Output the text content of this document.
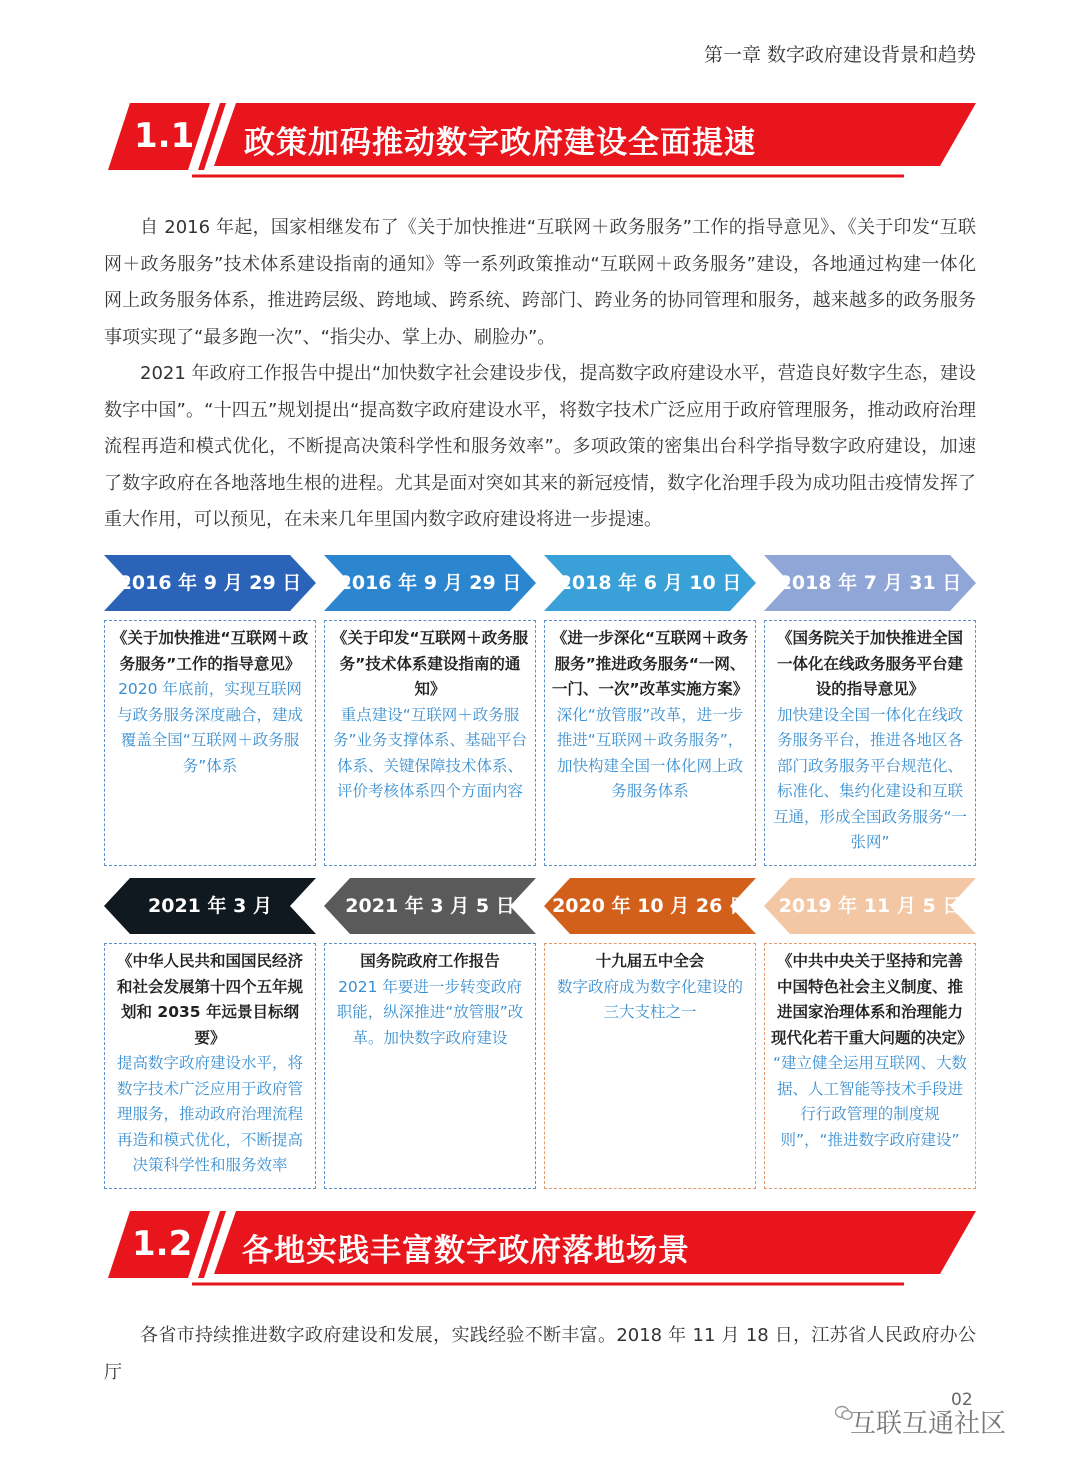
第一章 数字政府建设背景和趋势
1.1 政策加码推动数字政府建设全面提速

自 2016 年起，国家相继发布了《关于加快推进“互联网＋政务服务”工作的指导意见》、《关于印发“互联网＋政务服务”技术体系建设指南的通知》等一系列政策推动“互联网＋政务服务”建设，各地通过构建一体化网上政务服务体系，推进跨层级、跨地域、跨系统、跨部门、跨业务的协同管理和服务，越来越多的政务服务事项实现了“最多跑一次”、“指尖办、掌上办、刷脸办”。

2021 年政府工作报告中提出“加快数字社会建设步伐，提高数字政府建设水平，营造良好数字生态，建设数字中国”。“十四五”规划提出“提高数字政府建设水平，将数字技术广泛应用于政府管理服务，推动政府治理流程再造和模式优化，不断提高决策科学性和服务效率”。多项政策的密集出台科学指导数字政府建设，加速了数字政府在各地落地生根的进程。尤其是面对突如其来的新冠疫情，数字化治理手段为成功阻击疫情发挥了重大作用，可以预见，在未来几年里国内数字政府建设将进一步提速。

2016 年 9 月 29 日
《关于加快推进“互联网＋政务服务”工作的指导意见》
2020 年底前，实现互联网与政务服务深度融合，建成覆盖全国“互联网＋政务服务”体系
2016 年 9 月 29 日
《关于印发“互联网＋政务服务”技术体系建设指南的通知》
重点建设“互联网＋政务服务”业务支撑体系、基础平台体系、关键保障技术体系、评价考核体系四个方面内容
2018 年 6 月 10 日
《进一步深化“互联网＋政务服务”推进政务服务“一网、一门、一次”改革实施方案》
深化“放管服”改革，进一步推进“互联网＋政务服务”，加快构建全国一体化网上政务服务体系
2018 年 7 月 31 日
《国务院关于加快推进全国一体化在线政务服务平台建设的指导意见》
加快建设全国一体化在线政务服务平台，推进各地区各部门政务服务平台规范化、标准化、集约化建设和互联互通，形成全国政务服务“一张网”
2021 年 3 月
《中华人民共和国国民经济和社会发展第十四个五年规划和 2035 年远景目标纲要》
提高数字政府建设水平，将数字技术广泛应用于政府管理服务，推动政府治理流程再造和模式优化，不断提高决策科学性和服务效率
2021 年 3 月 5 日
国务院政府工作报告
2021 年要进一步转变政府职能，纵深推进“放管服”改革。加快数字政府建设
2020 年 10 月 26 日
十九届五中全会
数字政府成为数字化建设的三大支柱之一
2019 年 11 月 5 日
《中共中央关于坚持和完善中国特色社会主义制度、推进国家治理体系和治理能力现代化若干重大问题的决定》
“建立健全运用互联网、大数据、人工智能等技术手段进行行政管理的制度规则”，“推进数字政府建设”
1.2 各地实践丰富数字政府落地场景

各省市持续推进数字政府建设和发展，实践经验不断丰富。2018 年 11 月 18 日，江苏省人民政府办公厅

02
互联互通社区
